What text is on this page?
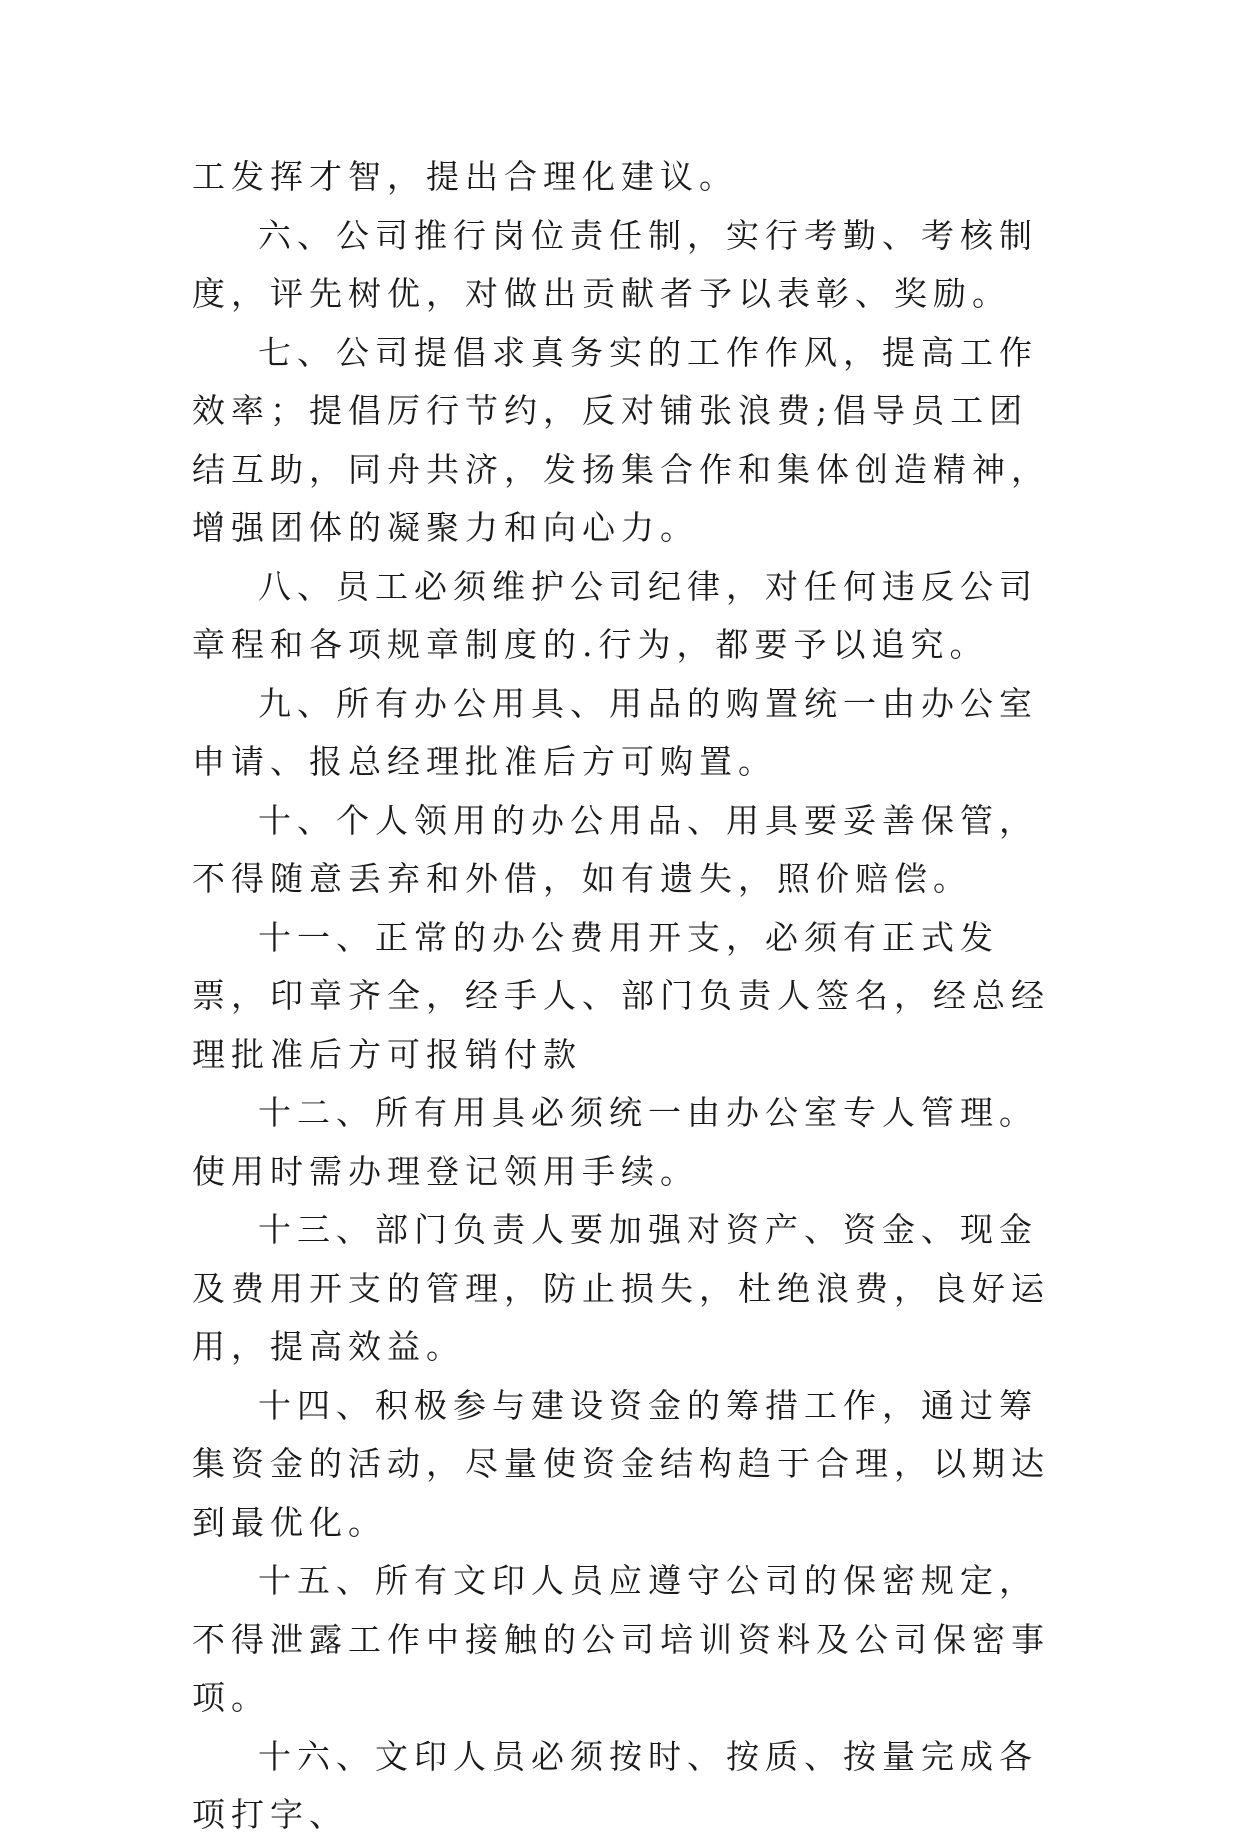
工发挥才智，提出合理化建议。

六、公司推行岗位责任制，实行考勤、考核制度，评先树优，对做出贡献者予以表彰、奖励。

七、公司提倡求真务实的工作作风，提高工作效率；提倡厉行节约，反对铺张浪费;倡导员工团结互助，同舟共济，发扬集合作和集体创造精神，增强团体的凝聚力和向心力。

八、员工必须维护公司纪律，对任何违反公司章程和各项规章制度的.行为，都要予以追究。

九、所有办公用具、用品的购置统一由办公室申请、报总经理批准后方可购置。

十、个人领用的办公用品、用具要妥善保管，不得随意丢弃和外借，如有遗失，照价赔偿。

十一、正常的办公费用开支，必须有正式发票，印章齐全，经手人、部门负责人签名，经总经理批准后方可报销付款

十二、所有用具必须统一由办公室专人管理。使用时需办理登记领用手续。

十三、部门负责人要加强对资产、资金、现金及费用开支的管理，防止损失，杜绝浪费，良好运用，提高效益。

十四、积极参与建设资金的筹措工作，通过筹集资金的活动，尽量使资金结构趋于合理，以期达到最优化。

十五、所有文印人员应遵守公司的保密规定，不得泄露工作中接触的公司培训资料及公司保密事项。

十六、文印人员必须按时、按质、按量完成各项打字、
